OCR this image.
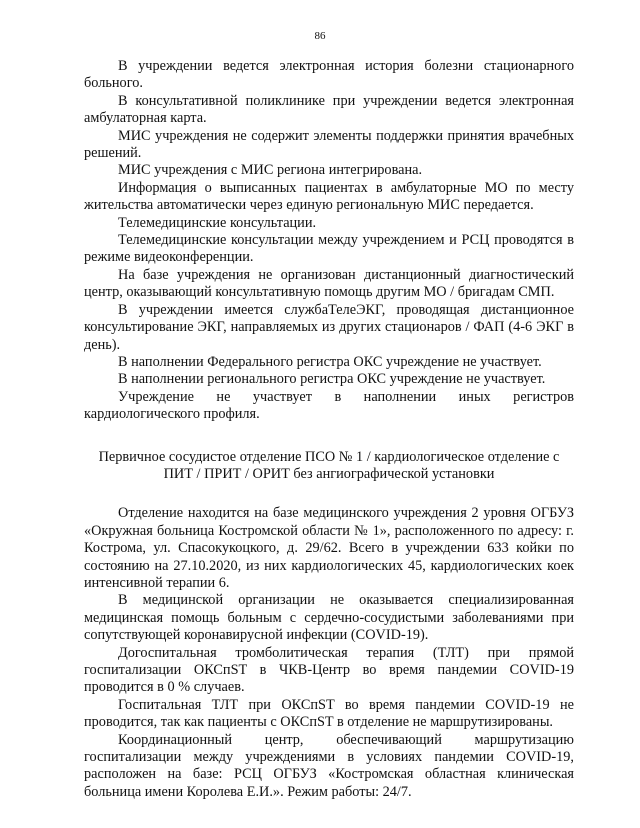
86

В учреждении ведется электронная история болезни стационарного больного.

В консультативной поликлинике при учреждении ведется электронная амбулаторная карта.

МИС учреждения не содержит элементы поддержки принятия врачебных решений.

МИС учреждения с МИС региона интегрирована.

Информация о выписанных пациентах в амбулаторные МО по месту жительства автоматически через единую региональную МИС передается.

Телемедицинские консультации.

Телемедицинские консультации между учреждением и РСЦ проводятся в режиме видеоконференции.

На базе учреждения не организован дистанционный диагностический центр, оказывающий консультативную помощь другим МО / бригадам СМП.

В учреждении имеется службаТелеЭКГ, проводящая дистанционное консультирование ЭКГ, направляемых из других стационаров / ФАП (4-6 ЭКГ в день).

В наполнении Федерального регистра ОКС учреждение не участвует.

В наполнении регионального регистра ОКС учреждение не участвует.

Учреждение не участвует в наполнении иных регистров кардиологического профиля.

Первичное сосудистое отделение ПСО № 1 / кардиологическое отделение с
ПИТ / ПРИТ / ОРИТ без ангиографической установки

Отделение находится на базе медицинского учреждения 2 уровня ОГБУЗ «Окружная больница Костромской области № 1», расположенного по адресу: г. Кострома, ул. Спасокукоцкого, д. 29/62. Всего в учреждении 633 койки по состоянию на 27.10.2020, из них кардиологических 45, кардиологических коек интенсивной терапии 6.

В медицинской организации не оказывается специализированная медицинская помощь больным с сердечно-сосудистыми заболеваниями при сопутствующей коронавирусной инфекции (COVID-19).

Догоспитальная тромболитическая терапия (ТЛТ) при прямой госпитализации ОКСпST в ЧКВ-Центр во время пандемии COVID-19 проводится в 0 % случаев.

Госпитальная ТЛТ при ОКСпST во время пандемии COVID-19 не проводится, так как пациенты с ОКСпST в отделение не маршрутизированы.

Координационный центр, обеспечивающий маршрутизацию госпитализации между учреждениями в условиях пандемии COVID-19, расположен на базе: РСЦ ОГБУЗ «Костромская областная клиническая больница имени Королева Е.И.». Режим работы: 24/7.
